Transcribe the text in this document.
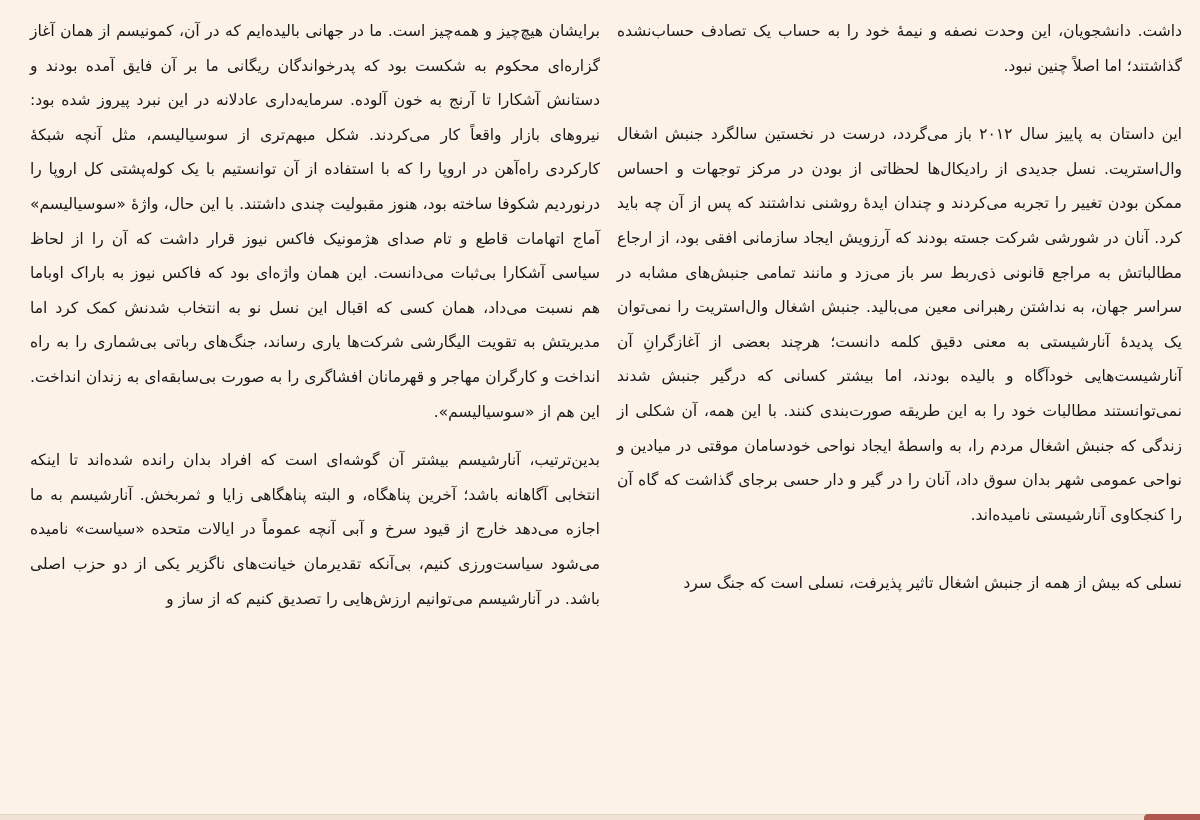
داشت. دانشجویان، این وحدت نصفه و نیمهٔ خود را به حساب یک تصادف حساب‌نشده گذاشتند؛ اما اصلاً چنین نبود.

این داستان به پاییز سال ۲۰۱۲ باز می‌گردد، درست در نخستین سالگرد جنبش اشغال وال‌استریت. نسل جدیدی از رادیکال‌ها لحظاتی از بودن در مرکز توجهات و احساس ممکن بودن تغییر را تجربه می‌کردند و چندان ایدهٔ روشنی نداشتند که پس از آن چه باید کرد. آنان در شورشی شرکت جسته بودند که آرزویش ایجاد سازمانی افقی بود، از ارجاع مطالباتش به مراجع قانونی ذی‌ربط سر باز می‌زد و مانند تمامی جنبش‌های مشابه در سراسر جهان، به نداشتن رهبرانی معین می‌بالید. جنبش اشغال وال‌استریت را نمی‌توان یک پدیدهٔ آنارشیستی به معنی دقیق کلمه دانست؛ هرچند بعضی از آغازگرانِ آن آنارشیست‌هایی خودآگاه و بالیده بودند، اما بیشتر کسانی که درگیر جنبش شدند نمی‌توانستند مطالبات خود را به این طریقه صورت‌بندی کنند. با این همه، آن شکلی از زندگی که جنبش اشغال مردم را، به واسطهٔ ایجاد نواحی خودسامان موقتی در میادین و نواحی عمومی شهر بدان سوق داد، آنان را در گیر و دار حسی برجای گذاشت که گاه آن را کنجکاوی آنارشیستی نامیده‌اند.

نسلی که بیش از همه از جنبش اشغال تاثیر پذیرفت، نسلی است که جنگ سرد

برایشان هیچ‌چیز و همه‌چیز است. ما در جهانی بالیده‌ایم که در آن، کمونیسم از همان آغاز گزاره‌ای محکوم به شکست بود که پدرخواندگان ریگانی ما بر آن فایق آمده بودند و دستانش آشکارا تا آرنج به خون آلوده. سرمایه‌داری عادلانه در این نبرد پیروز شده بود: نیروهای بازار واقعاً کار می‌کردند. شکل مبهم‌تری از سوسیالیسم، مثل آنچه شبکهٔ کارکردی راه‌آهن در اروپا را که با استفاده از آن توانستیم با یک کوله‌پشتی کل اروپا را درنوردیم شکوفا ساخته بود، هنوز مقبولیت چندی داشتند. با این حال، واژهٔ «سوسیالیسم» آماج اتهامات قاطع و تام صدای هژمونیک فاکس نیوز قرار داشت که آن را از لحاظ سیاسی آشکارا بی‌ثبات می‌دانست. این همان واژه‌ای بود که فاکس نیوز به باراک اوباما هم نسبت می‌داد، همان کسی که اقبال این نسل نو به انتخاب شدنش کمک کرد اما مدیریتش به تقویت الیگارشی شرکت‌ها یاری رساند، جنگ‌های رباتی بی‌شماری را به راه انداخت و کارگران مهاجر و قهرمانان افشاگری را به صورت بی‌سابقه‌ای به زندان انداخت. این هم از «سوسیالیسم».

بدین‌ترتیب، آنارشیسم بیشتر آن گوشه‌ای است که افراد بدان رانده شده‌اند تا اینکه انتخابی آگاهانه باشد؛ آخرین پناهگاه، و البته پناهگاهی زایا و ثمربخش. آنارشیسم به ما اجازه می‌دهد خارج از قیود سرخ و آبی آنچه عموماً در ایالات متحده «سیاست» نامیده می‌شود سیاست‌ورزی کنیم، بی‌آنکه تقدیرمان خیانت‌های ناگزیر یکی از دو حزب اصلی باشد. در آنارشیسم می‌توانیم ارزش‌هایی را تصدیق کنیم که از ساز و
